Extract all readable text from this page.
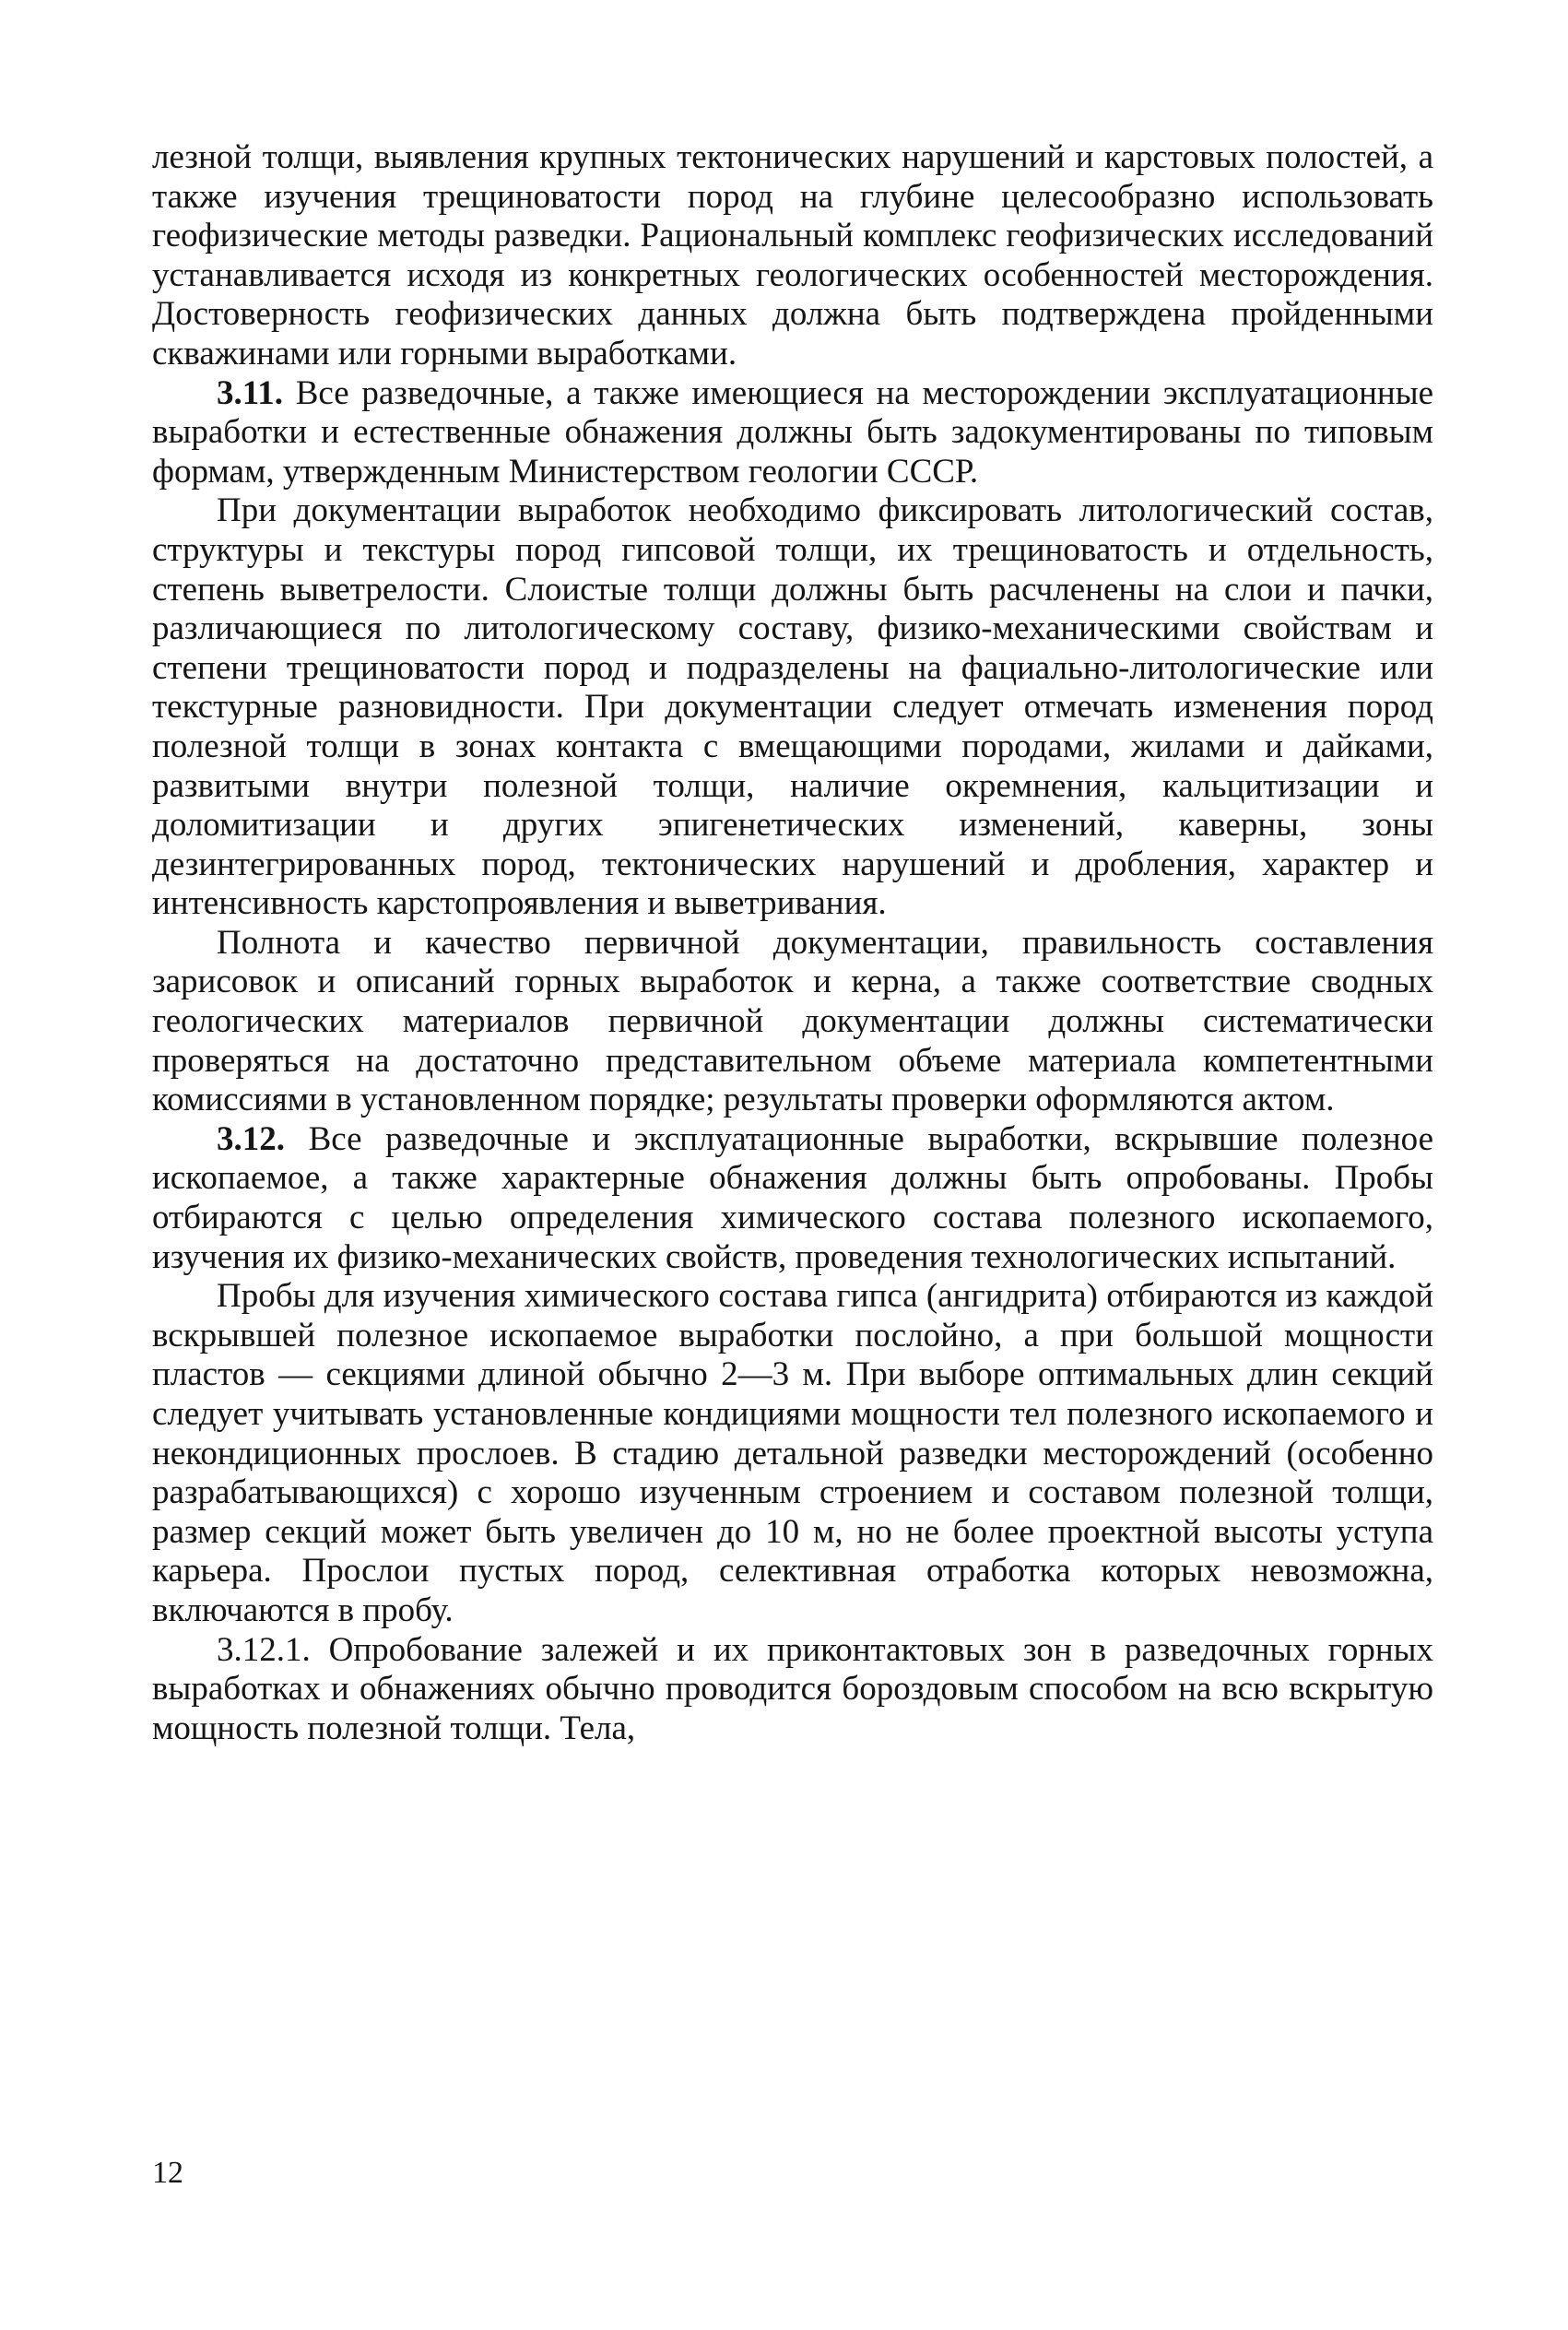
лезной толщи, выявления крупных тектонических нарушений и карстовых полостей, а также изучения трещиноватости пород на глубине целесообразно использовать геофизические методы разведки. Рациональный комплекс геофизических исследований устанавливается исходя из конкретных геологических особенностей месторождения. Достоверность геофизических данных должна быть подтверждена пройденными скважинами или горными выработками.

3.11. Все разведочные, а также имеющиеся на месторождении эксплуатационные выработки и естественные обнажения должны быть задокументированы по типовым формам, утвержденным Министерством геологии СССР.

При документации выработок необходимо фиксировать литологический состав, структуры и текстуры пород гипсовой толщи, их трещиноватость и отдельность, степень выветрелости. Слоистые толщи должны быть расчленены на слои и пачки, различающиеся по литологическому составу, физико-механическими свойствам и степени трещиноватости пород и подразделены на фациально-литологические или текстурные разновидности. При документации следует отмечать изменения пород полезной толщи в зонах контакта с вмещающими породами, жилами и дайками, развитыми внутри полезной толщи, наличие окремнения, кальцитизации и доломитизации и других эпигенетических изменений, каверны, зоны дезинтегрированных пород, тектонических нарушений и дробления, характер и интенсивность карстопроявления и выветривания.

Полнота и качество первичной документации, правильность составления зарисовок и описаний горных выработок и керна, а также соответствие сводных геологических материалов первичной документации должны систематически проверяться на достаточно представительном объеме материала компетентными комиссиями в установленном порядке; результаты проверки оформляются актом.

3.12. Все разведочные и эксплуатационные выработки, вскрывшие полезное ископаемое, а также характерные обнажения должны быть опробованы. Пробы отбираются с целью определения химического состава полезного ископаемого, изучения их физико-механических свойств, проведения технологических испытаний.

Пробы для изучения химического состава гипса (ангидрита) отбираются из каждой вскрывшей полезное ископаемое выработки послойно, а при большой мощности пластов — секциями длиной обычно 2—3 м. При выборе оптимальных длин секций следует учитывать установленные кондициями мощности тел полезного ископаемого и некондиционных прослоев. В стадию детальной разведки месторождений (особенно разрабатывающихся) с хорошо изученным строением и составом полезной толщи, размер секций может быть увеличен до 10 м, но не более проектной высоты уступа карьера. Прослои пустых пород, селективная отработка которых невозможна, включаются в пробу.

3.12.1. Опробование залежей и их приконтактовых зон в разведочных горных выработках и обнажениях обычно проводится бороздовым способом на всю вскрытую мощность полезной толщи. Тела,

12
